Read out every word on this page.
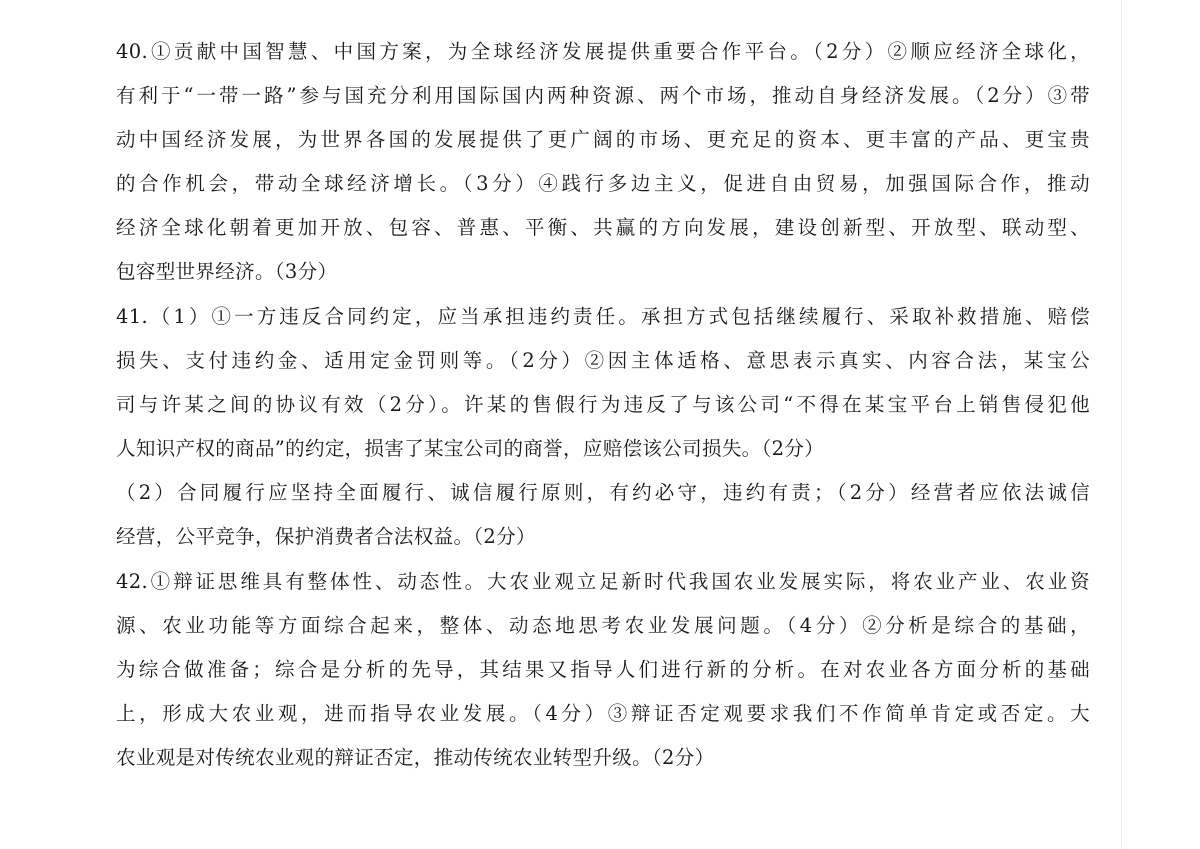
40.①贡献中国智慧、中国方案，为全球经济发展提供重要合作平台。（2分）②顺应经济全球化，
有利于“一带一路”参与国充分利用国际国内两种资源、两个市场，推动自身经济发展。（2分）③带
动中国经济发展，为世界各国的发展提供了更广阔的市场、更充足的资本、更丰富的产品、更宝贵
的合作机会，带动全球经济增长。（3分）④践行多边主义，促进自由贸易，加强国际合作，推动
经济全球化朝着更加开放、包容、普惠、平衡、共赢的方向发展，建设创新型、开放型、联动型、
包容型世界经济。（3分）
41.（1）①一方违反合同约定，应当承担违约责任。承担方式包括继续履行、采取补救措施、赔偿
损失、支付违约金、适用定金罚则等。（2分）②因主体适格、意思表示真实、内容合法，某宝公
司与许某之间的协议有效（2分）。许某的售假行为违反了与该公司“不得在某宝平台上销售侵犯他
人知识产权的商品”的约定，损害了某宝公司的商誉，应赔偿该公司损失。（2分）
（2）合同履行应坚持全面履行、诚信履行原则，有约必守，违约有责；（2分）经营者应依法诚信
经营，公平竞争，保护消费者合法权益。（2分）
42.①辩证思维具有整体性、动态性。大农业观立足新时代我国农业发展实际，将农业产业、农业资
源、农业功能等方面综合起来，整体、动态地思考农业发展问题。（4分）②分析是综合的基础，
为综合做准备；综合是分析的先导，其结果又指导人们进行新的分析。在对农业各方面分析的基础
上，形成大农业观，进而指导农业发展。（4分）③辩证否定观要求我们不作简单肯定或否定。大
农业观是对传统农业观的辩证否定，推动传统农业转型升级。（2分）
